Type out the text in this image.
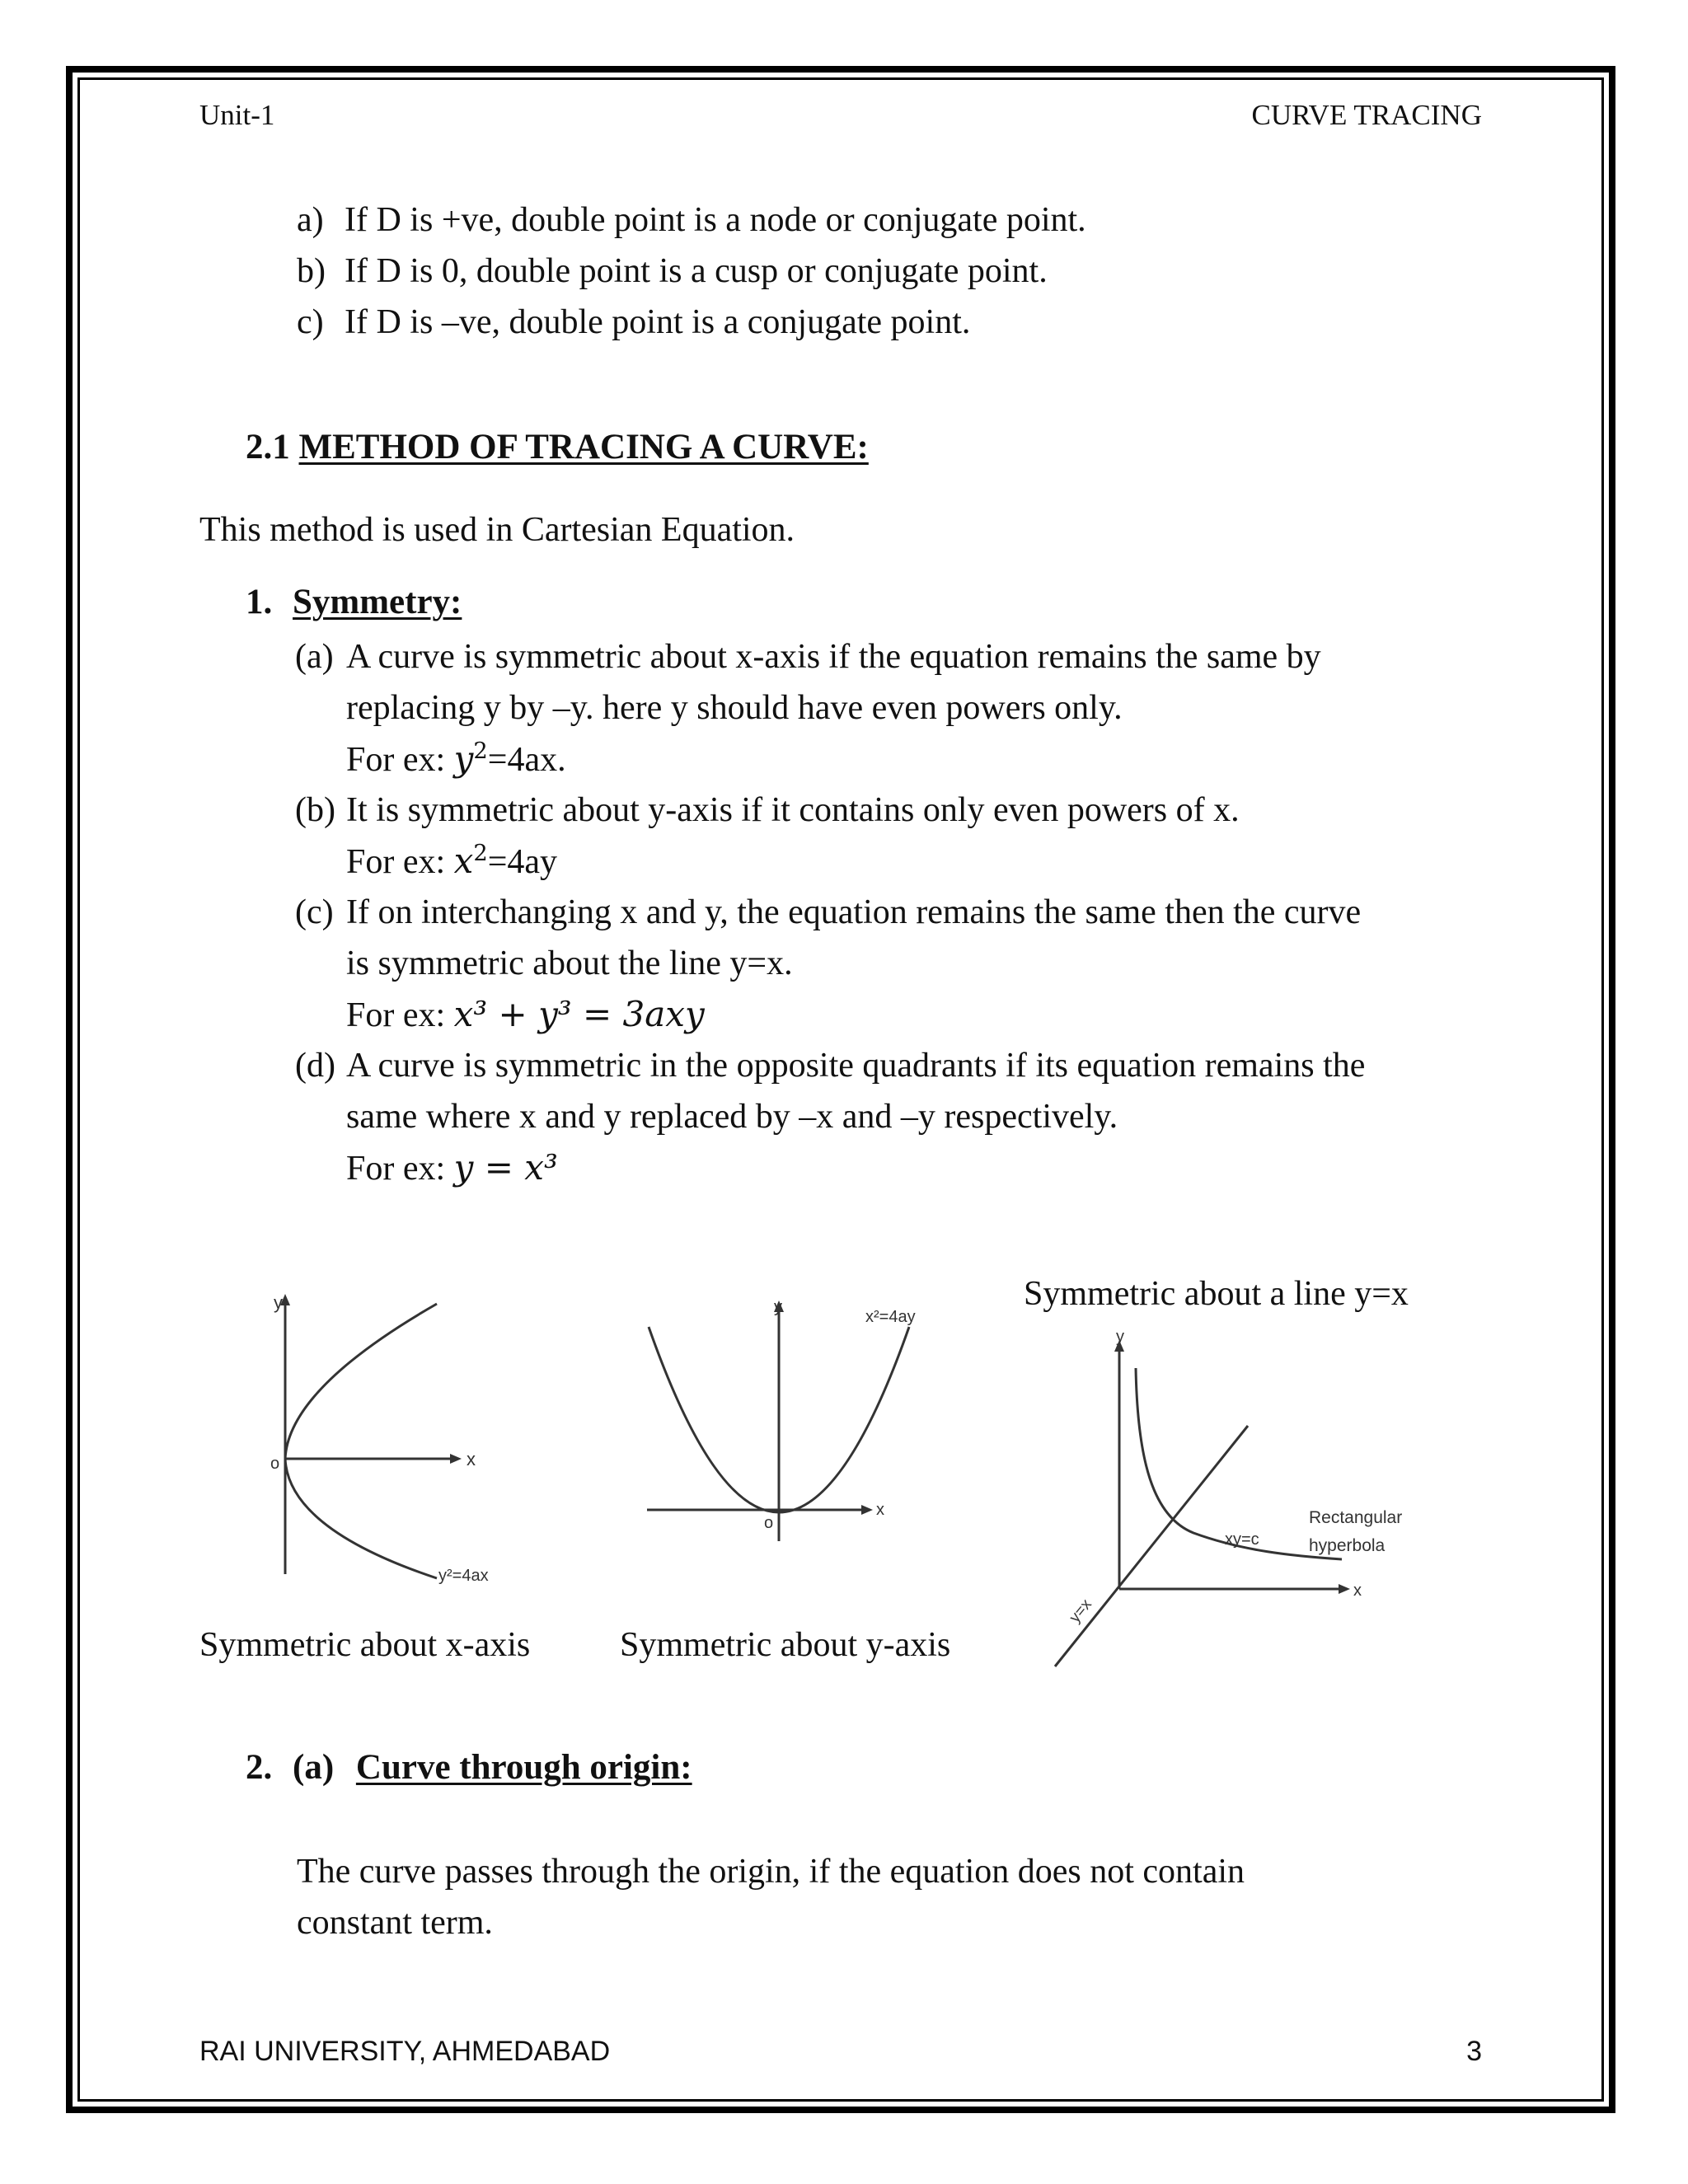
Unit-1	CURVE TRACING
a) If D is +ve, double point is a node or conjugate point.
b) If D is 0, double point is a cusp or conjugate point.
c) If D is –ve, double point is a conjugate point.
2.1 METHOD OF TRACING A CURVE:
This method is used in Cartesian Equation.
1. Symmetry:
(a) A curve is symmetric about x-axis if the equation remains the same by
replacing y by –y. here y should have even powers only.
For ex: $y^2=4ax$.
(b) It is symmetric about y-axis if it contains only even powers of x.
For ex: $x^2=4ay$
(c) If on interchanging x and y, the equation remains the same then the curve
is symmetric about the line y=x.
For ex: x³ + y³ = 3axy
(d) A curve is symmetric in the opposite quadrants if its equation remains the
same where x and y replaced by –x and –y respectively.
For ex: y = x³
y
x
o
y²=4ax
y
x
o
x²=4ay
Symmetric about a line y=x
y
x
xy=c
Rectangular
hyperbola
y=x
Symmetric about x-axis	Symmetric about y-axis
2. (a) Curve through origin:
The curve passes through the origin, if the equation does not contain
constant term.
RAI UNIVERSITY, AHMEDABAD	3
